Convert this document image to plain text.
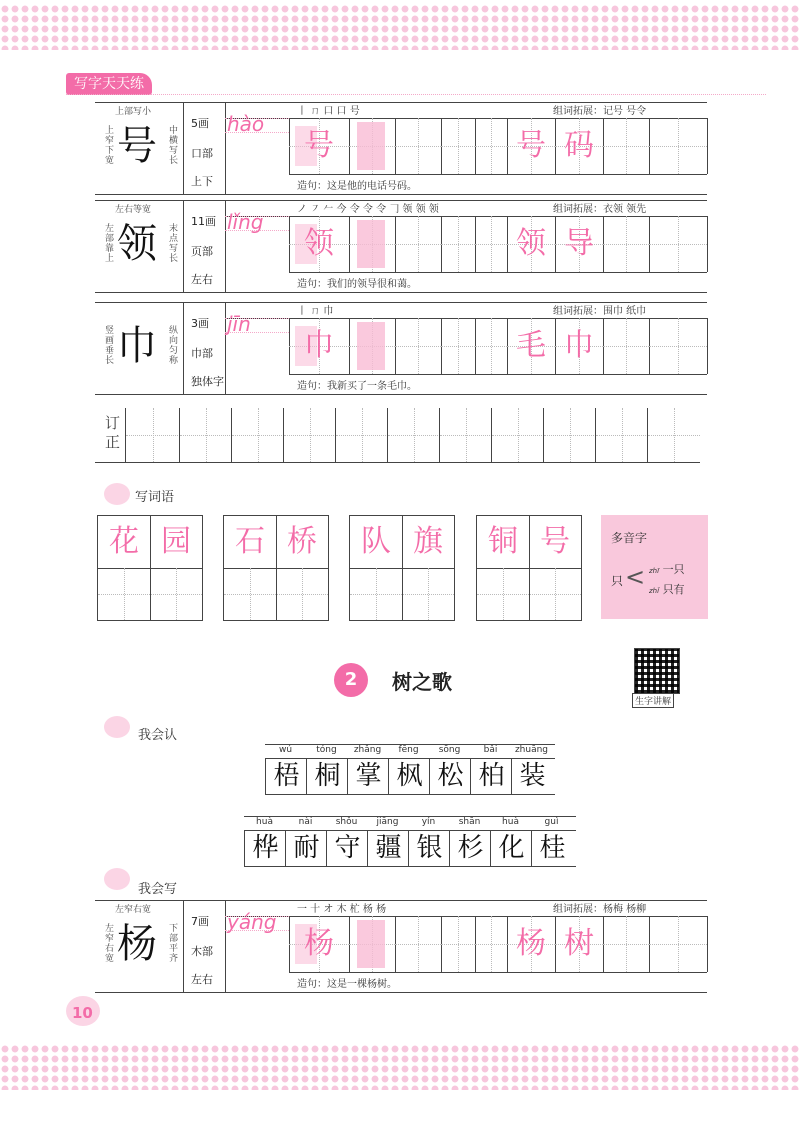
写字天天练
上部写小
上窄下宽
中横写长
号	5画
口部
上下
hào
丨 ㄇ 口 口 号	组词拓展：记号 号令
造句：这是他的电话号码。
号	号 码
左右等宽
左部靠上
末点写长
领	11画
页部
左右
lǐng
ノ ㇇ 𠂉 今 令 令 令 𠃌 领 领 领	组词拓展：衣领 领先
造句：我们的领导很和蔼。
领	领 导
竖画垂长
纵向匀称
巾	3画
巾部
独体字
jīn
丨 ㄇ 巾	组词拓展：围巾 纸巾
造句：我新买了一条毛巾。
巾	毛 巾
左窄右宽
左窄右宽
下部平齐
杨	7画
木部
左右
yáng
一 十 オ 木 杧 杨 杨	组词拓展：杨梅 杨柳
造句：这是一棵杨树。
杨	杨 树
订正
写词语
花 园	石 桥	队 旗	铜 号	多音字
只 < zhī 一只
zhǐ 只有
2	树之歌
生字讲解
我会认
wú
梧
tóng
桐
zhǎng
掌
fēng
枫
sōng
松
bǎi
柏
zhuāng
装
huà
桦
nài
耐
shǒu
守
jiāng
疆
yín
银
shān
杉
huà
化
guì
桂
我会写
10
